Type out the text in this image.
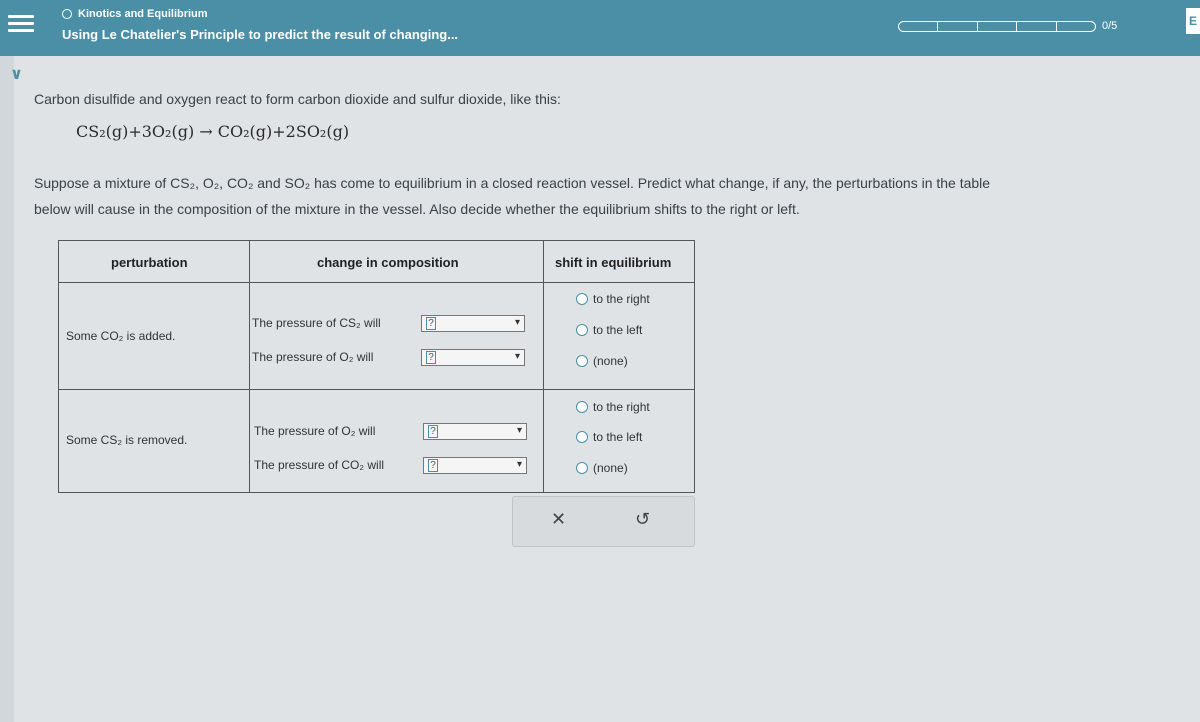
Kinotics and Equilibrium
Using Le Chatelier's Principle to predict the result of changing...
0/5	E
∨
Carbon disulfide and oxygen react to form carbon dioxide and sulfur dioxide, like this:
CS₂(g)+3O₂(g) → CO₂(g)+2SO₂(g)
Suppose a mixture of CS₂, O₂, CO₂ and SO₂ has come to equilibrium in a closed reaction vessel. Predict what change, if any, the perturbations in the table
below will cause in the composition of the mixture in the vessel. Also decide whether the equilibrium shifts to the right or left.
perturbation	change in composition	shift in equilibrium
Some CO₂ is added.
The pressure of CS₂ will	?	▾
The pressure of O₂ will	?	▾
to the right
to the left
(none)
Some CS₂ is removed.
The pressure of O₂ will	?	▾
The pressure of CO₂ will	?	▾
to the right
to the left
(none)
✕	↺
